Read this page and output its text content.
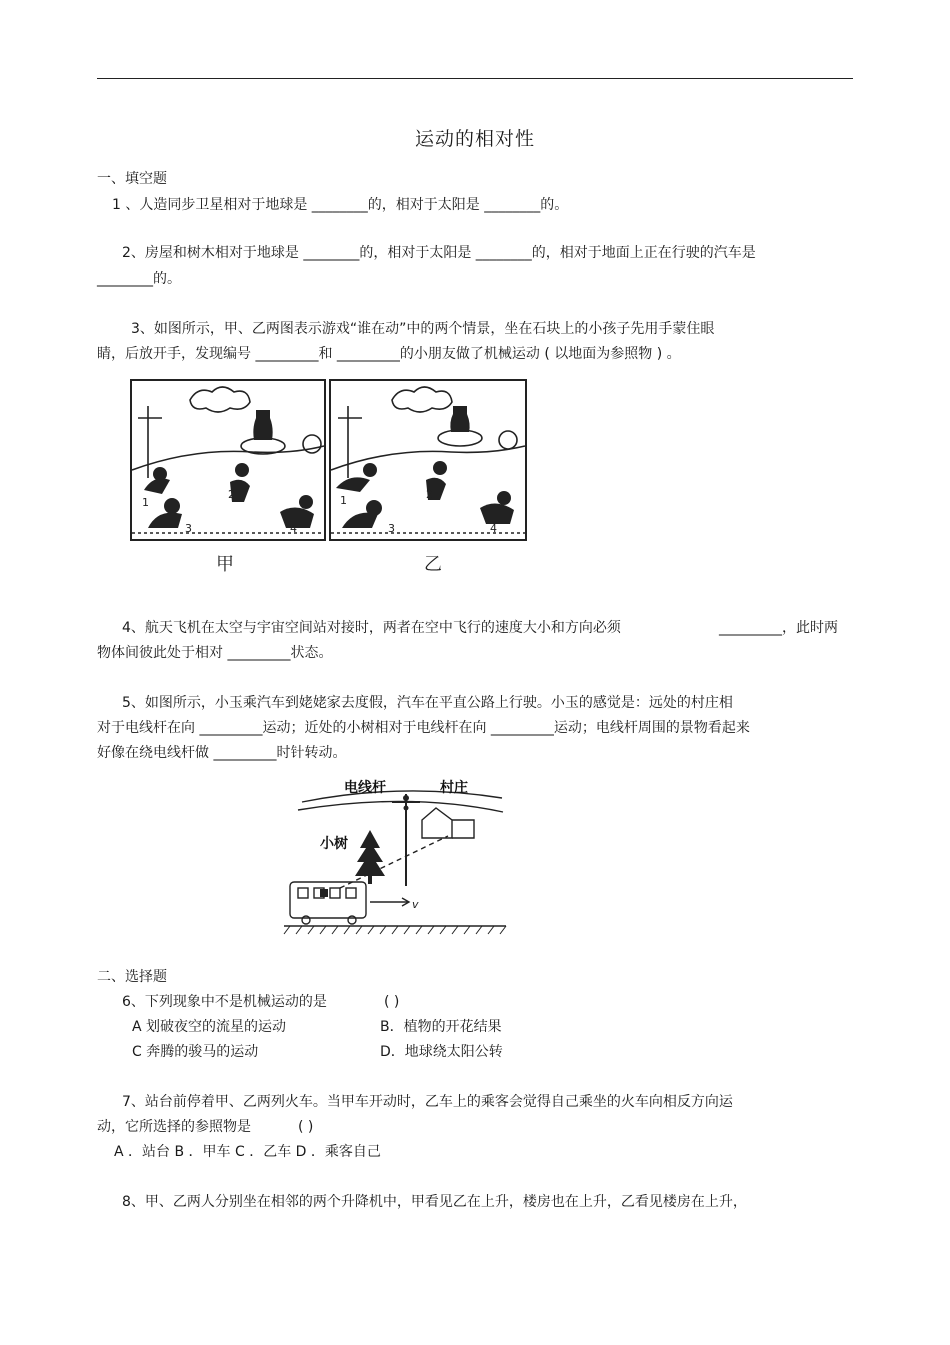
运动的相对性
一、填空题
1 、人造同步卫星相对于地球是 ________的，相对于太阳是 ________的。
2、房屋和树木相对于地球是 ________的，相对于太阳是 ________的，相对于地面上正在行驶的汽车是
________的。
3、如图所示，甲、乙两图表示游戏“谁在动”中的两个情景，坐在石块上的小孩子先用手蒙住眼
睛，后放开手，发现编号 _________和 _________的小朋友做了机械运动 ( 以地面为参照物 ) 。
1
2
3	4
1	2
3	4
甲	乙
4、航天飞机在太空与宇宙空间站对接时，两者在空中飞行的速度大小和方向必须	_________，此时两
物体间彼此处于相对 _________状态。
5、如图所示，小玉乘汽车到姥姥家去度假，汽车在平直公路上行驶。小玉的感觉是：远处的村庄相
对于电线杆在向 _________运动；近处的小树相对于电线杆在向 _________运动；电线杆周围的景物看起来
好像在绕电线杆做 _________时针转动。
电线杆	村庄
小树
v
二、选择题
6、下列现象中不是机械运动的是	( )
A 划破夜空的流星的运动	B．植物的开花结果
C 奔腾的骏马的运动	D．地球绕太阳公转
7、站台前停着甲、乙两列火车。当甲车开动时，乙车上的乘客会觉得自己乘坐的火车向相反方向运
动，它所选择的参照物是	( )
A ．站台 B ．甲车 C ．乙车 D ．乘客自己
8、甲、乙两人分别坐在相邻的两个升降机中，甲看见乙在上升，楼房也在上升，乙看见楼房在上升，
